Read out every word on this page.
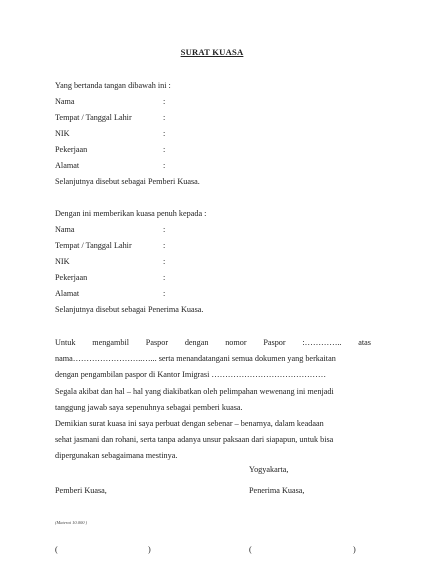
SURAT KUASA
Yang bertanda tangan dibawah ini :
Nama	:
Tempat / Tanggal Lahir	:
NIK	:
Pekerjaan	:
Alamat	:
Selanjutnya disebut sebagai Pemberi Kuasa.
Dengan ini memberikan kuasa penuh kepada :
Nama	:
Tempat / Tanggal Lahir	:
NIK	:
Pekerjaan	:
Alamat	:
Selanjutnya disebut sebagai Penerima Kuasa.
Untuk mengambil Paspor dengan nomor Paspor :………….. atas
nama……………………..…... serta menandatangani semua dokumen yang berkaitan
dengan pengambilan paspor di Kantor Imigrasi ……………………………………
Segala akibat dan hal – hal yang diakibatkan oleh pelimpahan wewenang ini menjadi
tanggung jawab saya sepenuhnya sebagai pemberi kuasa.
Demikian surat kuasa ini saya perbuat dengan sebenar – benarnya, dalam keadaan
sehat jasmani dan rohani, serta tanpa adanya unsur paksaan dari siapapun, untuk bisa
dipergunakan sebagaimana mestinya.
Yogyakarta,
Pemberi Kuasa,	Penerima Kuasa,
(Materai 10.000 )
(	)	(	)
